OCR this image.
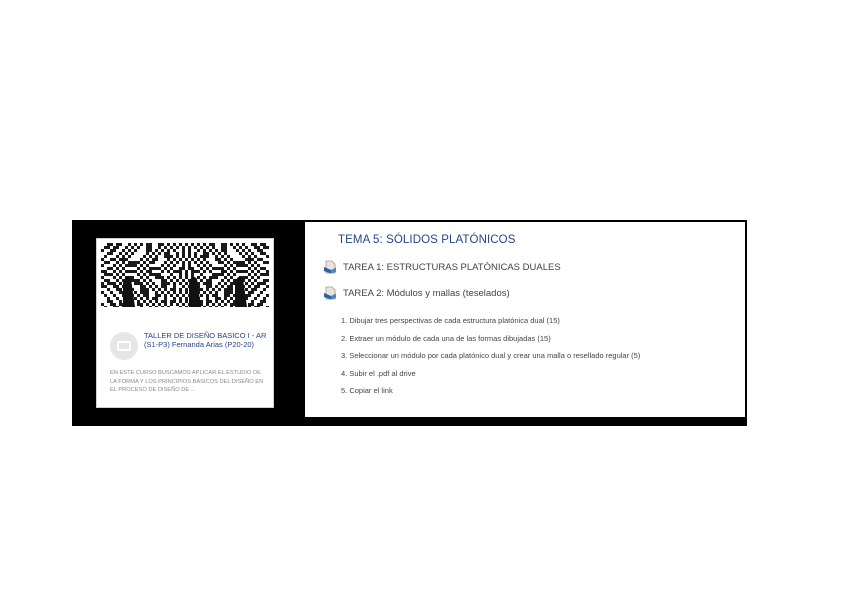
TALLER DE DISEÑO BASICO I - AR (S1-P3) Fernanda Arias (P20-20)
EN ESTE CURSO BUSCAMOS APLICAR EL ESTUDIO DE LA FORMA Y LOS PRINCIPIOS BASICOS DEL DISEÑO EN EL PROCESO DE DISEÑO DE ...
TEMA 5: SÓLIDOS PLATÓNICOS
TAREA 1: ESTRUCTURAS PLATÓNICAS DUALES
TAREA 2: Módulos y mallas (teselados)
1. Dibujar tres perspectivas de cada estructura platónica dual (15)
2. Extraer un módulo de cada una de las formas dibujadas (15)
3. Seleccionar un módulo por cada platónico dual y crear una malla o resellado regular (5)
4. Subir el .pdf al drive
5. Copiar el link
